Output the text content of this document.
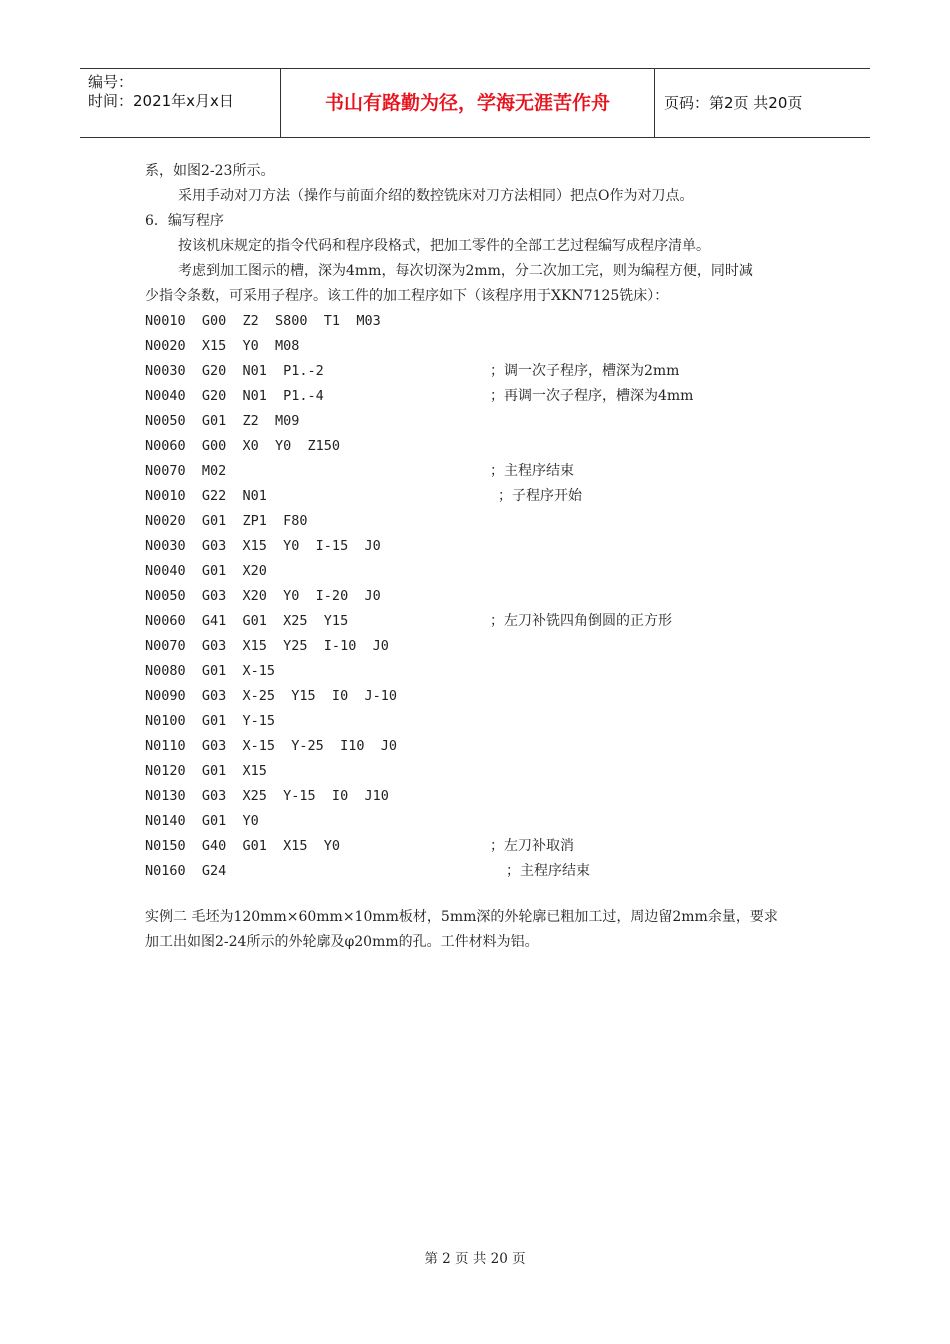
编号：
时间：2021年x月x日	书山有路勤为径，学海无涯苦作舟	页码：第2页 共20页
系，如图2-23所示。
采用手动对刀方法（操作与前面介绍的数控铣床对刀方法相同）把点O作为对刀点。
6．编写程序
按该机床规定的指令代码和程序段格式，把加工零件的全部工艺过程编写成程序清单。
考虑到加工图示的槽，深为4mm，每次切深为2mm，分二次加工完，则为编程方便，同时减
少指令条数，可采用子程序。该工件的加工程序如下（该程序用于XKN7125铣床）：
N0010  G00  Z2  S800  T1  M03
N0020  X15  Y0  M08
N0030  G20  N01  P1.-2	；调一次子程序，槽深为2mm
N0040  G20  N01  P1.-4	；再调一次子程序，槽深为4mm
N0050  G01  Z2  M09
N0060  G00  X0  Y0  Z150
N0070  M02	；主程序结束
N0010  G22  N01	；子程序开始
N0020  G01  ZP1  F80
N0030  G03  X15  Y0  I-15  J0
N0040  G01  X20
N0050  G03  X20  Y0  I-20  J0
N0060  G41  G01  X25  Y15	；左刀补铣四角倒圆的正方形
N0070  G03  X15  Y25  I-10  J0
N0080  G01  X-15
N0090  G03  X-25  Y15  I0  J-10
N0100  G01  Y-15
N0110  G03  X-15  Y-25  I10  J0
N0120  G01  X15
N0130  G03  X25  Y-15  I0  J10
N0140  G01  Y0
N0150  G40  G01  X15  Y0	；左刀补取消
N0160  G24	；主程序结束
实例二 毛坯为120mm×60mm×10mm板材，5mm深的外轮廓已粗加工过，周边留2mm余量，要求
加工出如图2-24所示的外轮廓及φ20mm的孔。工件材料为铝。
第 2 页 共 20 页
